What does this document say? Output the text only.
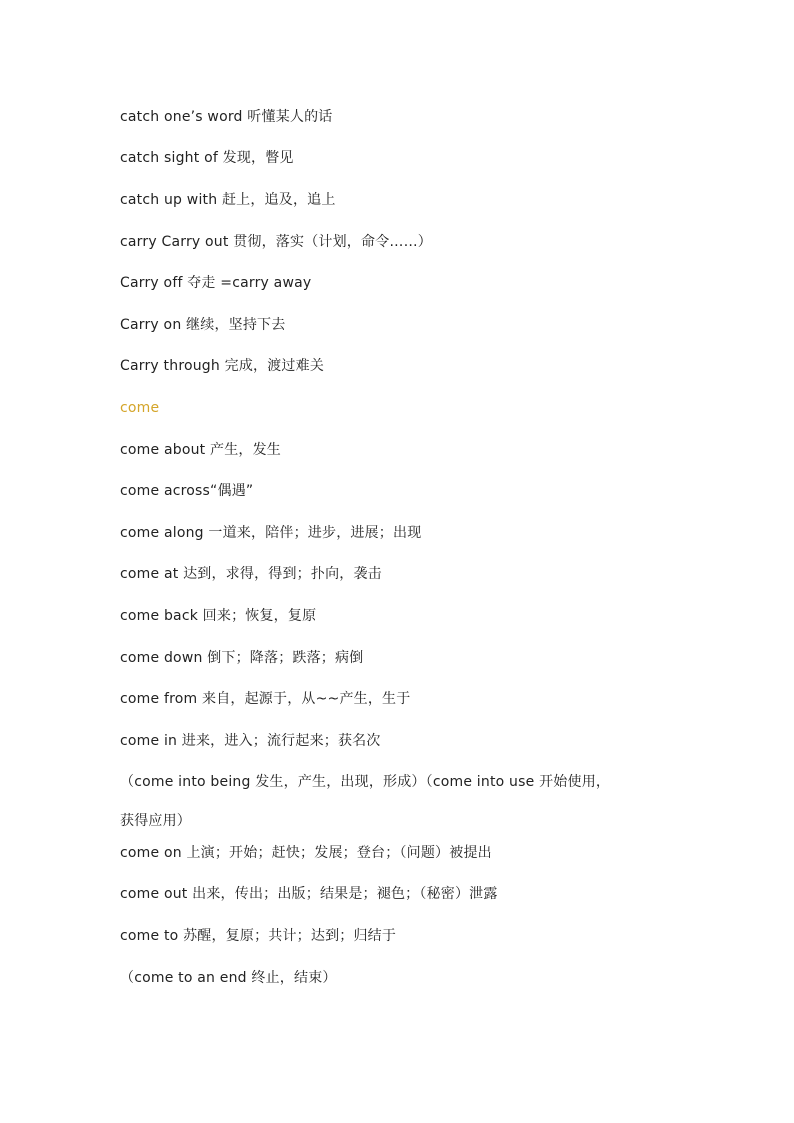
catch one’s word 听懂某人的话
catch sight of 发现，瞥见
catch up with 赶上，追及，追上
carry Carry out 贯彻，落实（计划，命令……）
Carry off 夺走 =carry away
Carry on 继续，坚持下去
Carry through 完成，渡过难关
come
come about 产生，发生
come across“偶遇”
come along 一道来，陪伴；进步，进展；出现
come at 达到，求得，得到；扑向，袭击
come back 回来；恢复，复原
come down 倒下；降落；跌落；病倒
come from 来自，起源于，从~~产生，生于
come in 进来，进入；流行起来；获名次
（come into being 发生，产生，出现，形成）（come into use 开始使用，
获得应用）
come on 上演；开始；赶快；发展；登台；（问题）被提出
come out 出来，传出；出版；结果是；褪色；（秘密）泄露
come to 苏醒，复原；共计；达到；归结于
（come to an end 终止，结束）
